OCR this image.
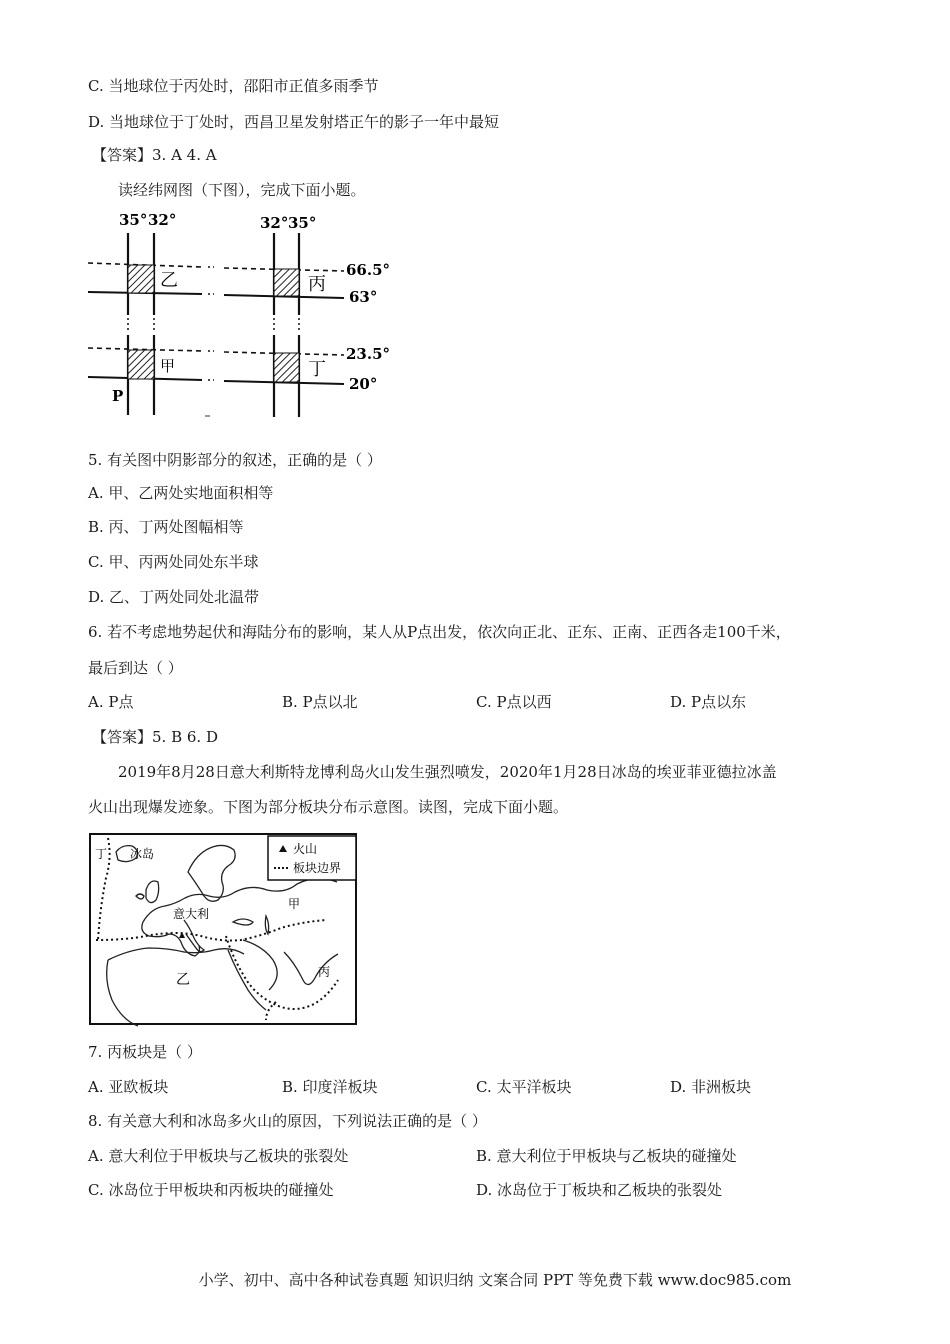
C. 当地球位于丙处时，邵阳市正值多雨季节
D. 当地球位于丁处时，西昌卫星发射塔正午的影子一年中最短
【答案】3. A 4. A
读经纬网图（下图），完成下面小题。
35° 32°	32° 35°
乙	丙
甲	丁
66.5°
63°
23.5°
20°
P
5. 有关图中阴影部分的叙述，正确的是（ ）
A. 甲、乙两处实地面积相等
B. 丙、丁两处图幅相等
C. 甲、丙两处同处东半球
D. 乙、丁两处同处北温带
6. 若不考虑地势起伏和海陆分布的影响，某人从P点出发，依次向正北、正东、正南、正西各走100千米，
最后到达（ ）
A. P点	B. P点以北	C. P点以西	D. P点以东
【答案】5. B 6. D
2019年8月28日意大利斯特龙博利岛火山发生强烈喷发，2020年1月28日冰岛的埃亚菲亚德拉冰盖
火山出现爆发迹象。下图为部分板块分布示意图。读图，完成下面小题。
火山
板块边界
丁 冰岛
意大利
甲
乙	丙
7. 丙板块是（ ）
A. 亚欧板块	B. 印度洋板块	C. 太平洋板块	D. 非洲板块
8. 有关意大利和冰岛多火山的原因，下列说法正确的是（ ）
A. 意大利位于甲板块与乙板块的张裂处	B. 意大利位于甲板块与乙板块的碰撞处
C. 冰岛位于甲板块和丙板块的碰撞处	D. 冰岛位于丁板块和乙板块的张裂处
小学、初中、高中各种试卷真题 知识归纳 文案合同 PPT 等免费下载 www.doc985.com
